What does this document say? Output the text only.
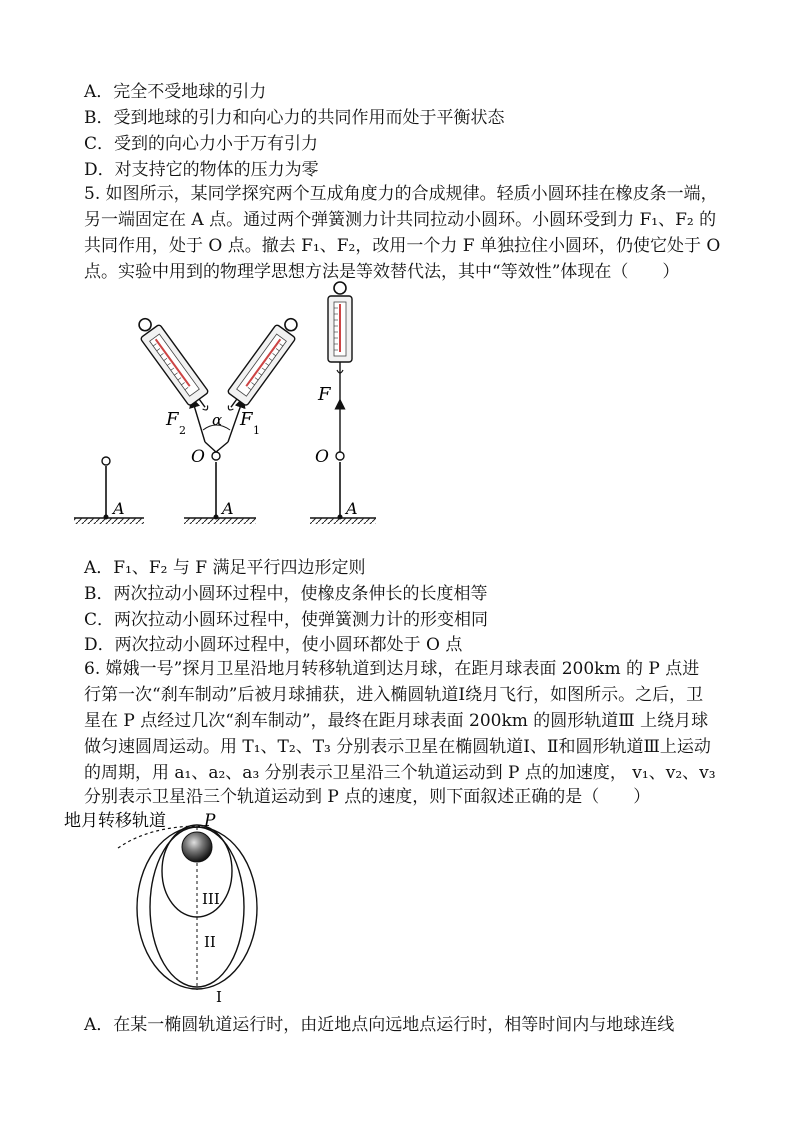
A．完全不受地球的引力
B．受到地球的引力和向心力的共同作用而处于平衡状态
C．受到的向心力小于万有引力
D．对支持它的物体的压力为零
5. 如图所示，某同学探究两个互成角度力的合成规律。轻质小圆环挂在橡皮条一端，
另一端固定在 A 点。通过两个弹簧测力计共同拉动小圆环。小圆环受到力 F₁、F₂ 的
共同作用，处于 O 点。撤去 F₁、F₂，改用一个力 F 单独拉住小圆环，仍使它处于 O
点。实验中用到的物理学思想方法是等效替代法，其中“等效性”体现在（　　）
A
α
F
2
F
1
O
A
F
O
A
A．F₁、F₂ 与 F 满足平行四边形定则
B．两次拉动小圆环过程中，使橡皮条伸长的长度相等
C．两次拉动小圆环过程中，使弹簧测力计的形变相同
D．两次拉动小圆环过程中，使小圆环都处于 O 点
6. 嫦娥一号”探月卫星沿地月转移轨道到达月球，在距月球表面 200km 的 P 点进
行第一次“刹车制动”后被月球捕获，进入椭圆轨道Ⅰ绕月飞行，如图所示。之后，卫
星在 P 点经过几次“刹车制动”，最终在距月球表面 200km 的圆形轨道Ⅲ 上绕月球
做匀速圆周运动。用 T₁、T₂、T₃ 分别表示卫星在椭圆轨道Ⅰ、Ⅱ和圆形轨道Ⅲ上运动
的周期，用 a₁、a₂、a₃ 分别表示卫星沿三个轨道运动到 P 点的加速度， v₁、v₂、v₃
分别表示卫星沿三个轨道运动到 P 点的速度，则下面叙述正确的是（　　）
地月转移轨道 P
III
II
I
A．在某一椭圆轨道运行时，由近地点向远地点运行时，相等时间内与地球连线
